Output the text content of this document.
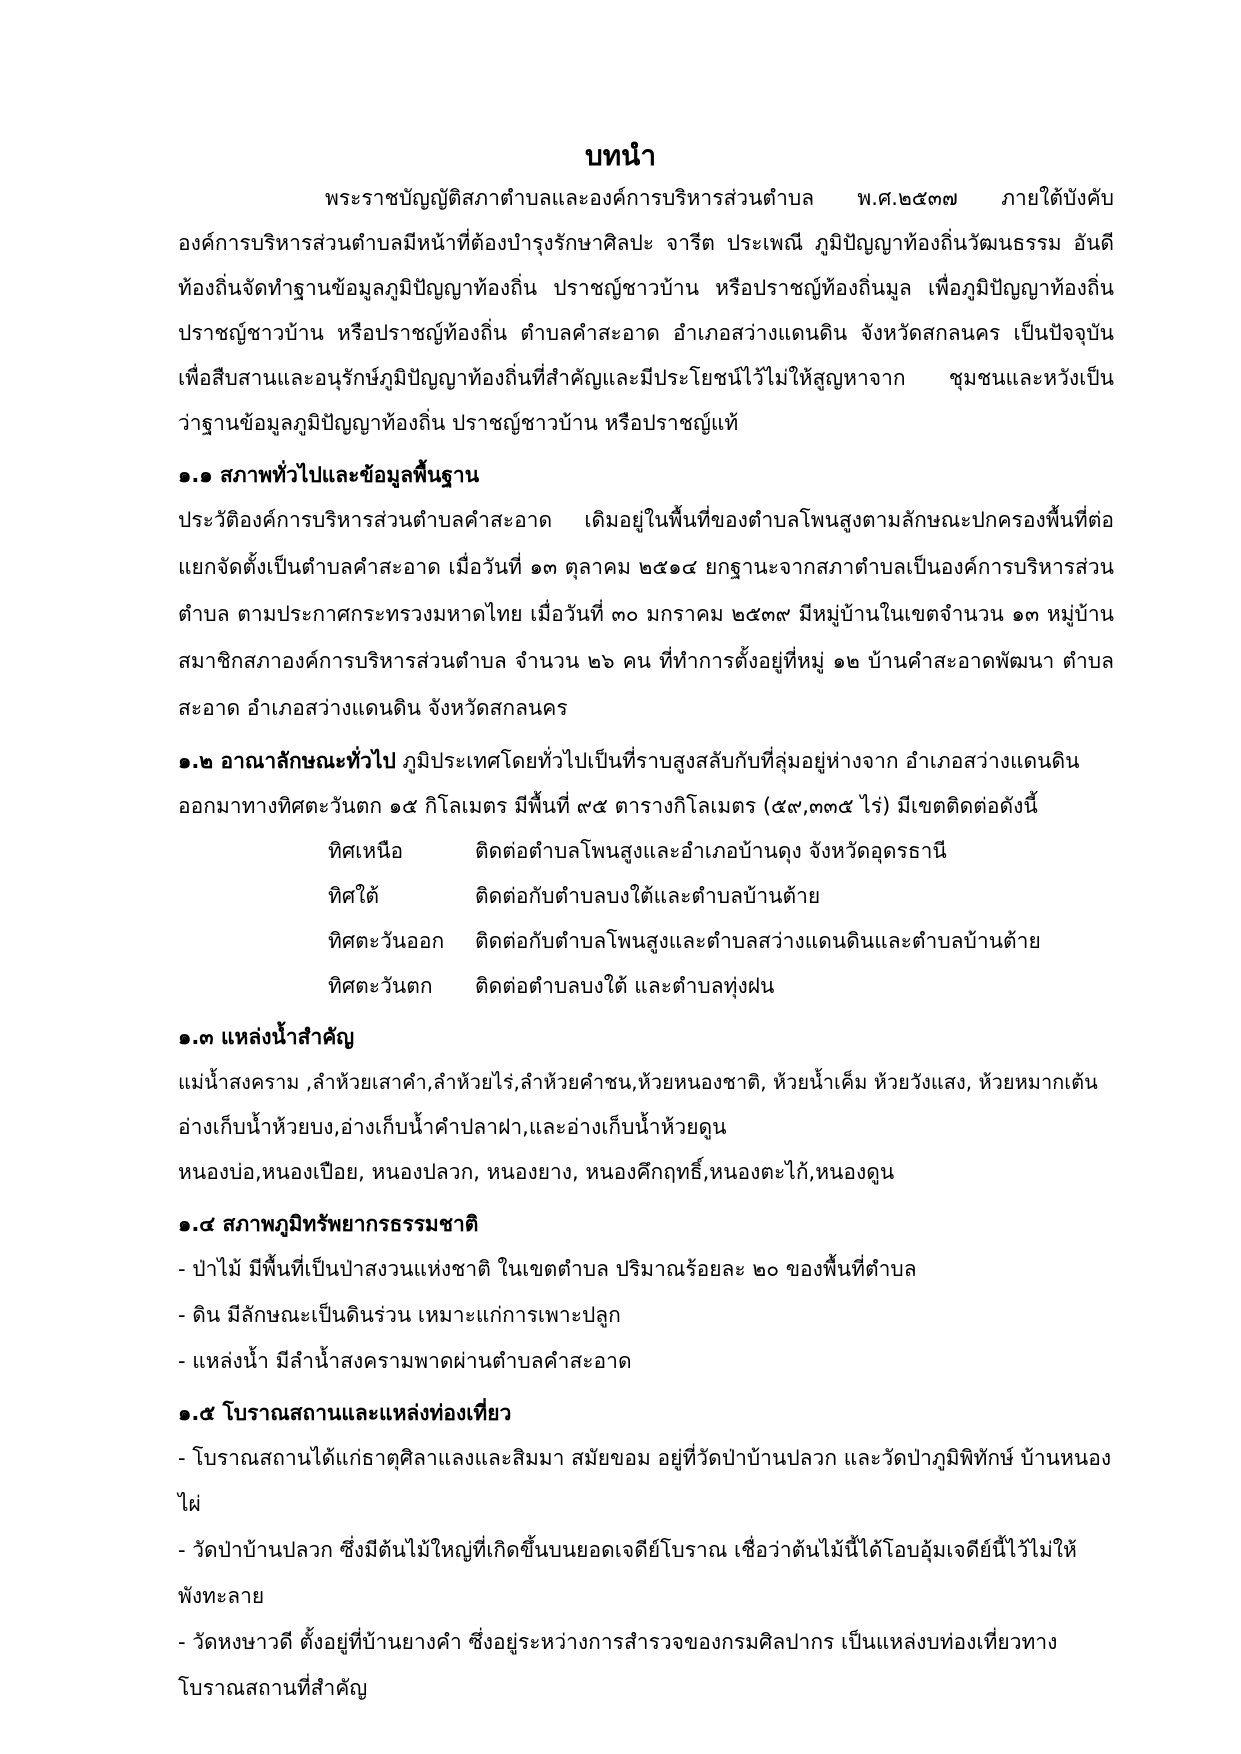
บทนำ
พระราชบัญญัติสภาตำบลและองค์การบริหารส่วนตำบล พ.ศ.๒๕๓๗ ภายใต้บังคับ
องค์การบริหารส่วนตำบลมีหน้าที่ต้องบำรุงรักษาศิลปะ จารีต ประเพณี ภูมิปัญญาท้องถิ่นวัฒนธรรม อันดี
ท้องถิ่นจัดทำฐานข้อมูลภูมิปัญญาท้องถิ่น ปราชญ์ชาวบ้าน หรือปราชญ์ท้องถิ่นมูล เพื่อภูมิปัญญาท้องถิ่น
ปราชญ์ชาวบ้าน หรือปราชญ์ท้องถิ่น ตำบลคำสะอาด อำเภอสว่างแดนดิน จังหวัดสกลนคร เป็นปัจจุบัน
เพื่อสืบสานและอนุรักษ์ภูมิปัญญาท้องถิ่นที่สำคัญและมีประโยชน์ไว้ไม่ให้สูญหาจาก ชุมชนและหวังเป็น
ว่าฐานข้อมูลภูมิปัญญาท้องถิ่น ปราชญ์ชาวบ้าน หรือปราชญ์แท้
๑.๑ สภาพทั่วไปและข้อมูลพื้นฐาน
ประวัติองค์การบริหารส่วนตำบลคำสะอาด เดิมอยู่ในพื้นที่ของตำบลโพนสูงตามลักษณะปกครองพื้นที่ต่อ
แยกจัดตั้งเป็นตำบลคำสะอาด เมื่อวันที่ ๑๓ ตุลาคม ๒๕๑๔ ยกฐานะจากสภาตำบลเป็นองค์การบริหารส่วน
ตำบล ตามประกาศกระทรวงมหาดไทย เมื่อวันที่ ๓๐ มกราคม ๒๕๓๙ มีหมู่บ้านในเขตจำนวน ๑๓ หมู่บ้าน
สมาชิกสภาองค์การบริหารส่วนตำบล จำนวน ๒๖ คน ที่ทำการตั้งอยู่ที่หมู่ ๑๒ บ้านคำสะอาดพัฒนา ตำบล
สะอาด อำเภอสว่างแดนดิน จังหวัดสกลนคร
๑.๒ อาณาลักษณะทั่วไป ภูมิประเทศโดยทั่วไปเป็นที่ราบสูงสลับกับที่ลุ่มอยู่ห่างจาก อำเภอสว่างแดนดิน
ออกมาทางทิศตะวันตก ๑๕ กิโลเมตร มีพื้นที่ ๙๕ ตารางกิโลเมตร (๕๙,๓๓๕ ไร่) มีเขตติดต่อดังนี้
ทิศเหนือ	ติดต่อตำบลโพนสูงและอำเภอบ้านดุง จังหวัดอุดรธานี
ทิศใต้	ติดต่อกับตำบลบงใต้และตำบลบ้านต้าย
ทิศตะวันออก ติดต่อกับตำบลโพนสูงและตำบลสว่างแดนดินและตำบลบ้านต้าย
ทิศตะวันตก ติดต่อตำบลบงใต้ และตำบลทุ่งฝน
๑.๓ แหล่งน้ำสำคัญ
แม่น้ำสงคราม ,ลำห้วยเสาคำ,ลำห้วยไร่,ลำห้วยคำชน,ห้วยหนองชาติ, ห้วยน้ำเค็ม ห้วยวังแสง, ห้วยหมากเต้น
อ่างเก็บน้ำห้วยบง,อ่างเก็บน้ำคำปลาฝา,และอ่างเก็บน้ำห้วยดูน
หนองบ่อ,หนองเปือย, หนองปลวก, หนองยาง, หนองคึกฤทธิ์,หนองตะไก้,หนองดูน
๑.๔ สภาพภูมิทรัพยากรธรรมชาติ
- ป่าไม้ มีพื้นที่เป็นป่าสงวนแห่งชาติ ในเขตตำบล ปริมาณร้อยละ ๒๐ ของพื้นที่ตำบล
- ดิน มีลักษณะเป็นดินร่วน เหมาะแก่การเพาะปลูก
- แหล่งน้ำ มีลำน้ำสงครามพาดผ่านตำบลคำสะอาด
๑.๕ โบราณสถานและแหล่งท่องเที่ยว
- โบราณสถานได้แก่ธาตุศิลาแลงและสิมมา สมัยขอม อยู่ที่วัดป่าบ้านปลวก และวัดป่าภูมิพิทักษ์ บ้านหนอง
ไผ่
- วัดป่าบ้านปลวก ซึ่งมีต้นไม้ใหญ่ที่เกิดขึ้นบนยอดเจดีย์โบราณ เชื่อว่าต้นไม้นี้ได้โอบอุ้มเจดีย์นี้ไว้ไม่ให้
พังทะลาย
- วัดหงษาวดี ตั้งอยู่ที่บ้านยางคำ ซึ่งอยู่ระหว่างการสำรวจของกรมศิลปากร เป็นแหล่งบท่องเที่ยวทาง
โบราณสถานที่สำคัญ
